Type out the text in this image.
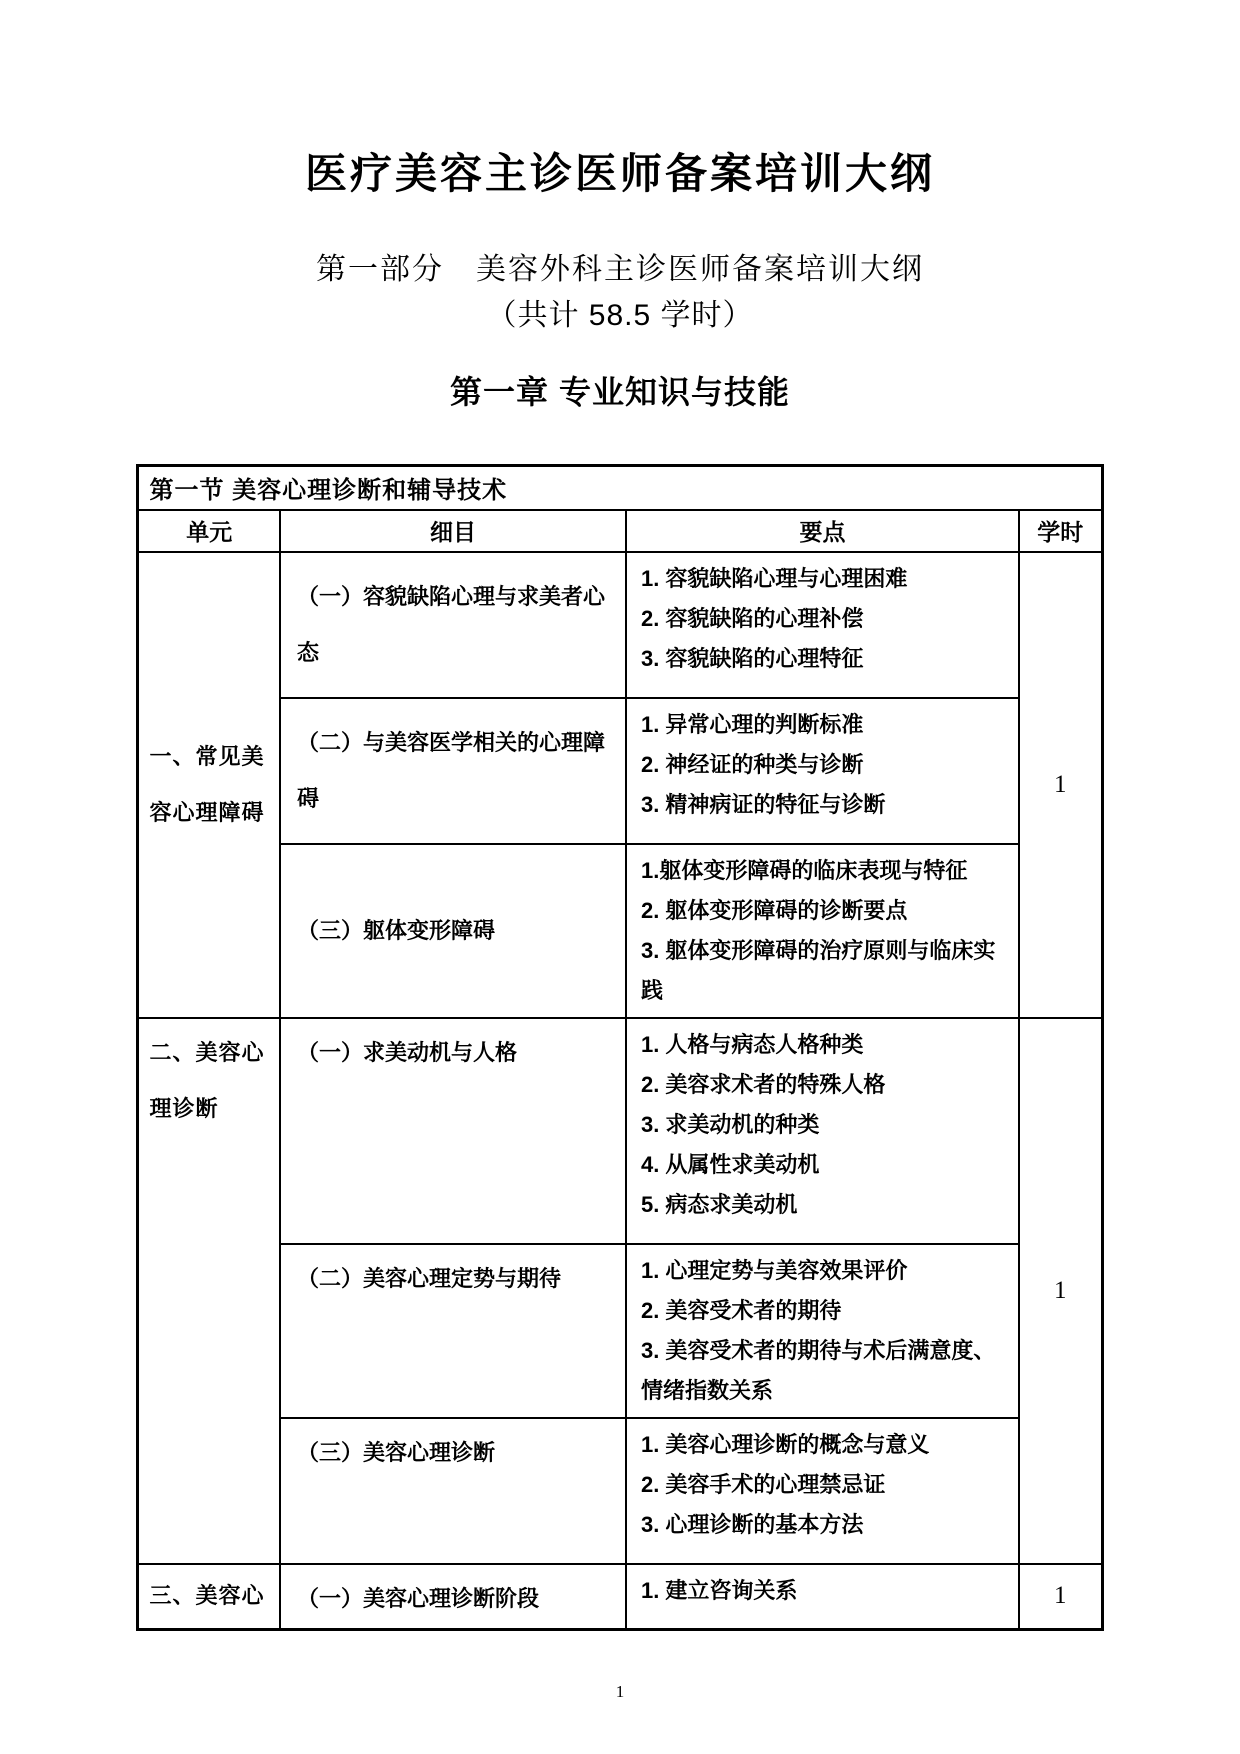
医疗美容主诊医师备案培训大纲
第一部分　美容外科主诊医师备案培训大纲
（共计 58.5 学时）
第一章 专业知识与技能
第一节 美容心理诊断和辅导技术			
单元	细目	要点	学时
一、常见美容心理障碍	（一）容貌缺陷心理与求美者心态	1. 容貌缺陷心理与心理困难
2. 容貌缺陷的心理补偿
3. 容貌缺陷的心理特征	1
	（二）与美容医学相关的心理障碍	1. 异常心理的判断标准
2. 神经证的种类与诊断
3. 精神病证的特征与诊断	

	（三）躯体变形障碍	1.躯体变形障碍的临床表现与特征
2. 躯体变形障碍的诊断要点
3. 躯体变形障碍的治疗原则与临床实践	

二、美容心理诊断	（一）求美动机与人格	1. 人格与病态人格种类
2. 美容求术者的特殊人格
3. 求美动机的种类
4. 从属性求美动机
5. 病态求美动机	1
	（二）美容心理定势与期待	1. 心理定势与美容效果评价
2. 美容受术者的期待
3. 美容受术者的期待与术后满意度、情绪指数关系	

	（三）美容心理诊断	1. 美容心理诊断的概念与意义
2. 美容手术的心理禁忌证
3. 心理诊断的基本方法	

三、美容心	（一）美容心理诊断阶段	1. 建立咨询关系	1
1
